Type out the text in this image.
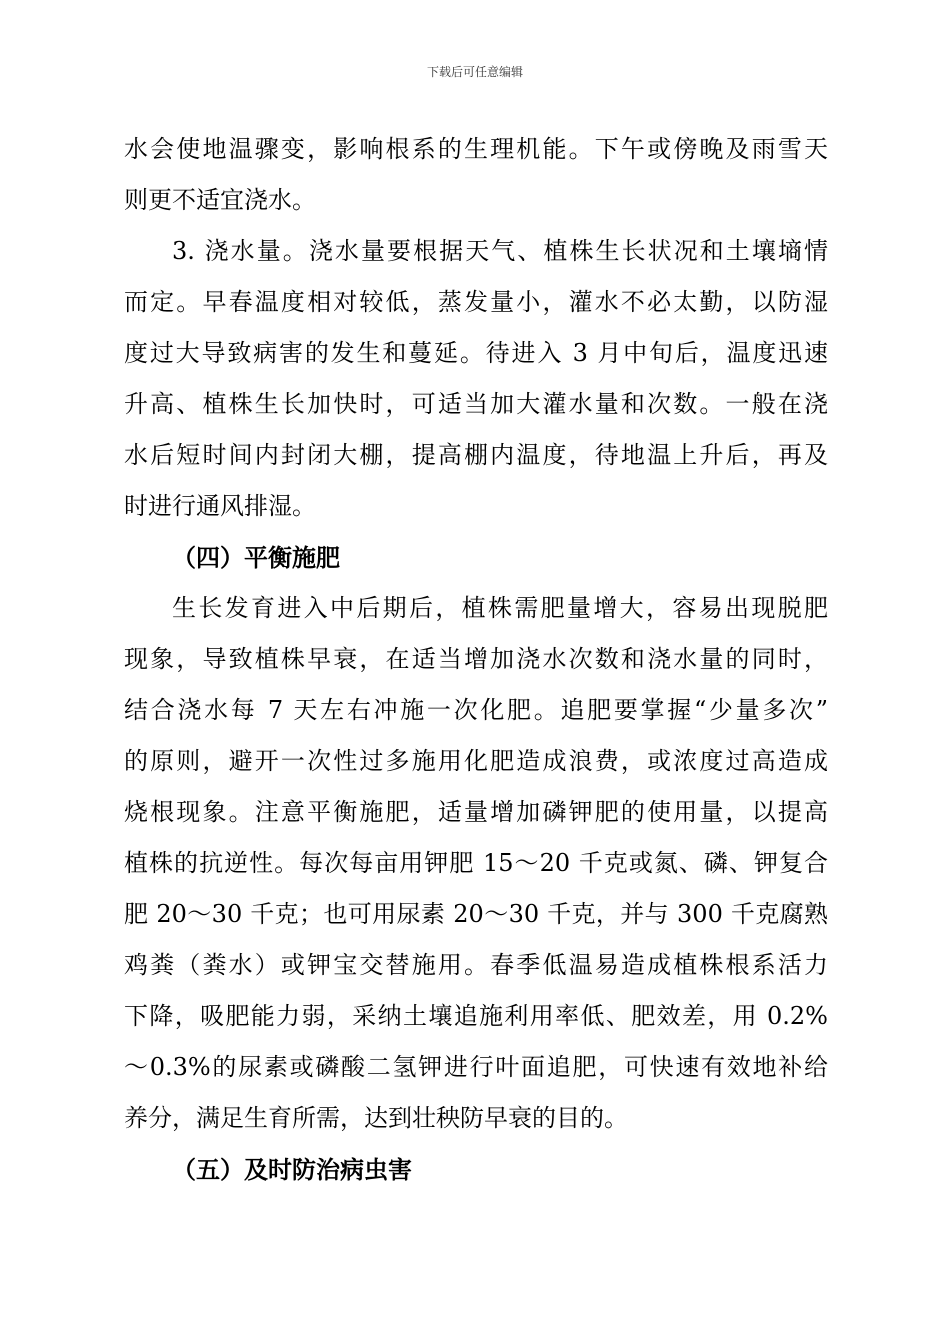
下载后可任意编辑
水会使地温骤变，影响根系的生理机能。下午或傍晚及雨雪天
则更不适宜浇水。
3. 浇水量。浇水量要根据天气、植株生长状况和土壤墒情
而定。早春温度相对较低，蒸发量小，灌水不必太勤，以防湿
度过大导致病害的发生和蔓延。待进入 3 月中旬后，温度迅速
升高、植株生长加快时，可适当加大灌水量和次数。一般在浇
水后短时间内封闭大棚，提高棚内温度，待地温上升后，再及
时进行通风排湿。
（四）平衡施肥
生长发育进入中后期后，植株需肥量增大，容易出现脱肥
现象，导致植株早衰，在适当增加浇水次数和浇水量的同时，
结合浇水每 7 天左右冲施一次化肥。追肥要掌握“少量多次”
的原则，避开一次性过多施用化肥造成浪费，或浓度过高造成
烧根现象。注意平衡施肥，适量增加磷钾肥的使用量，以提高
植株的抗逆性。每次每亩用钾肥 15～20 千克或氮、磷、钾复合
肥 20～30 千克；也可用尿素 20～30 千克，并与 300 千克腐熟
鸡粪（粪水）或钾宝交替施用。春季低温易造成植株根系活力
下降，吸肥能力弱，采纳土壤追施利用率低、肥效差，用 0.2%
～0.3%的尿素或磷酸二氢钾进行叶面追肥，可快速有效地补给
养分，满足生育所需，达到壮秧防早衰的目的。
（五）及时防治病虫害
